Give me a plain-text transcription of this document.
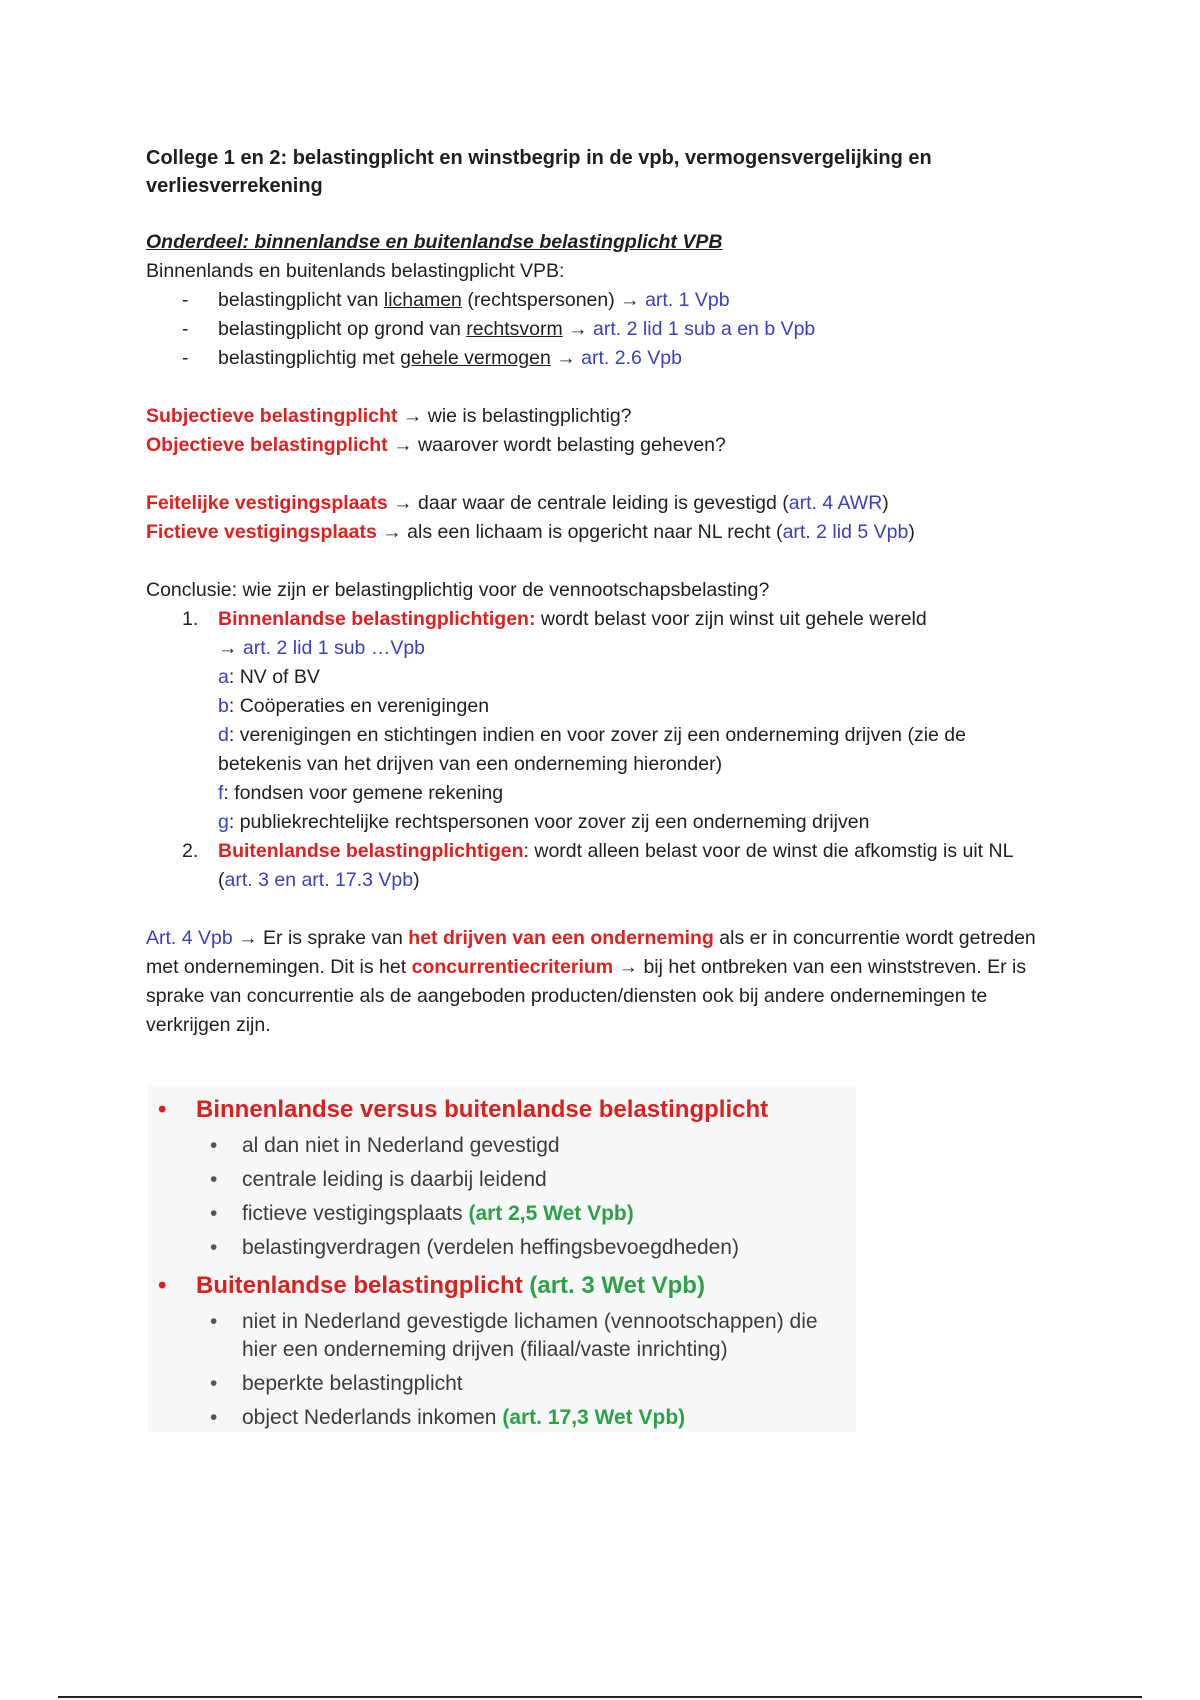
College 1 en 2: belastingplicht en winstbegrip in de vpb, vermogensvergelijking en verliesverrekening

Onderdeel: binnenlandse en buitenlandse belastingplicht VPB
Binnenlands en buitenlands belastingplicht VPB:
- belastingplicht van lichamen (rechtspersonen) → art. 1 Vpb
- belastingplicht op grond van rechtsvorm → art. 2 lid 1 sub a en b Vpb
- belastingplichtig met gehele vermogen → art. 2.6 Vpb
Subjectieve belastingplicht → wie is belastingplichtig?
Objectieve belastingplicht → waarover wordt belasting geheven?
Feitelijke vestigingsplaats → daar waar de centrale leiding is gevestigd (art. 4 AWR)
Fictieve vestigingsplaats → als een lichaam is opgericht naar NL recht (art. 2 lid 5 Vpb)
Conclusie: wie zijn er belastingplichtig voor de vennootschapsbelasting?
1. Binnenlandse belastingplichtigen: wordt belast voor zijn winst uit gehele wereld
→ art. 2 lid 1 sub …Vpb
a: NV of BV
b: Coöperaties en verenigingen
d: verenigingen en stichtingen indien en voor zover zij een onderneming drijven (zie de betekenis van het drijven van een onderneming hieronder)
f: fondsen voor gemene rekening
g: publiekrechtelijke rechtspersonen voor zover zij een onderneming drijven
2. Buitenlandse belastingplichtigen: wordt alleen belast voor de winst die afkomstig is uit NL (art. 3 en art. 17.3 Vpb)

Art. 4 Vpb → Er is sprake van het drijven van een onderneming als er in concurrentie wordt getreden met ondernemingen. Dit is het concurrentiecriterium → bij het ontbreken van een winststreven. Er is sprake van concurrentie als de aangeboden producten/diensten ook bij andere ondernemingen te verkrijgen zijn.

• Binnenlandse versus buitenlandse belastingplicht
• al dan niet in Nederland gevestigd
• centrale leiding is daarbij leidend
• fictieve vestigingsplaats (art 2,5 Wet Vpb)
• belastingverdragen (verdelen heffingsbevoegdheden)
• Buitenlandse belastingplicht (art. 3 Wet Vpb)
• niet in Nederland gevestigde lichamen (vennootschappen) die hier een onderneming drijven (filiaal/vaste inrichting)
• beperkte belastingplicht
• object Nederlands inkomen (art. 17,3 Wet Vpb)
